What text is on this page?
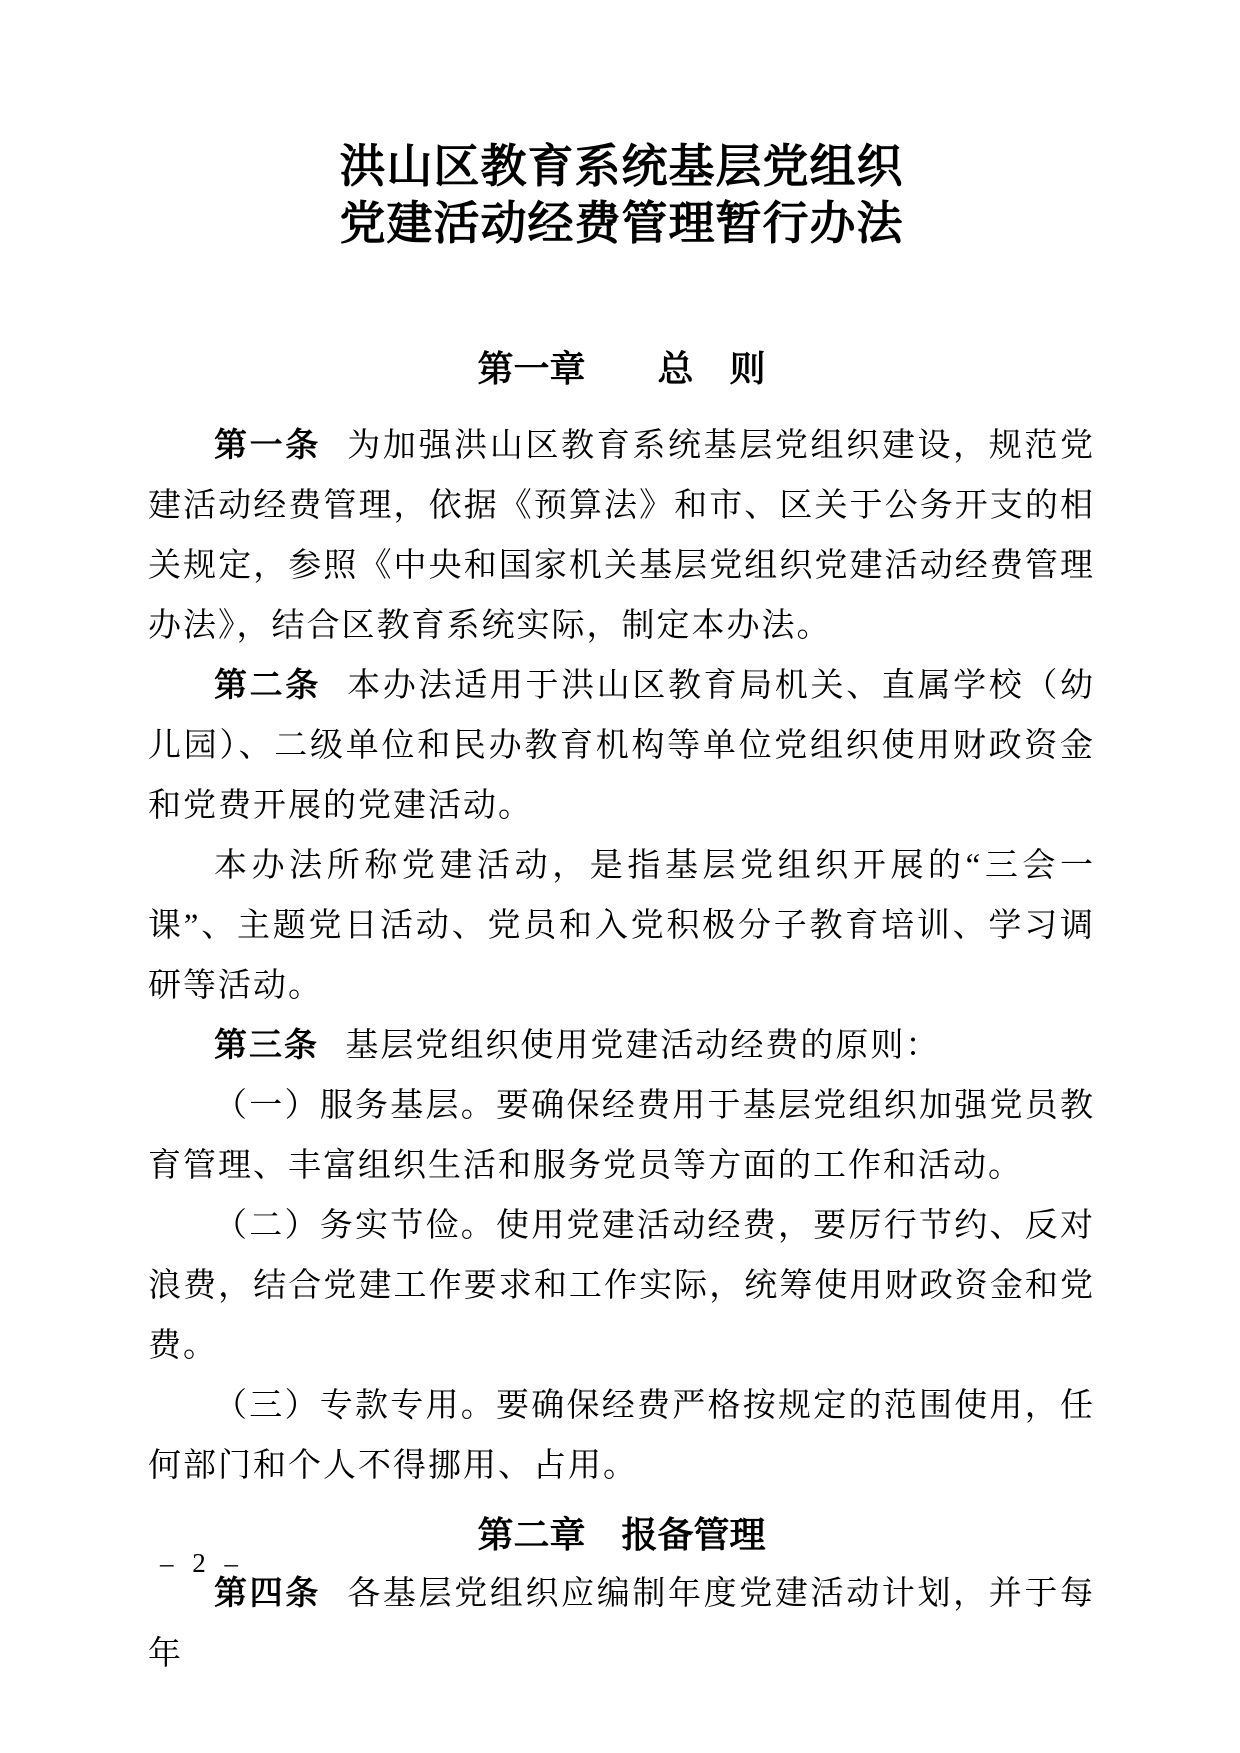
洪山区教育系统基层党组织
党建活动经费管理暂行办法
第一章　　总　则

第一条 为加强洪山区教育系统基层党组织建设，规范党建活动经费管理，依据《预算法》和市、区关于公务开支的相关规定，参照《中央和国家机关基层党组织党建活动经费管理办法》，结合区教育系统实际，制定本办法。

第二条 本办法适用于洪山区教育局机关、直属学校（幼儿园）、二级单位和民办教育机构等单位党组织使用财政资金和党费开展的党建活动。

本办法所称党建活动，是指基层党组织开展的“三会一课”、主题党日活动、党员和入党积极分子教育培训、学习调研等活动。

第三条 基层党组织使用党建活动经费的原则：

（一）服务基层。要确保经费用于基层党组织加强党员教育管理、丰富组织生活和服务党员等方面的工作和活动。

（二）务实节俭。使用党建活动经费，要厉行节约、反对浪费，结合党建工作要求和工作实际，统筹使用财政资金和党费。

（三）专款专用。要确保经费严格按规定的范围使用，任何部门和个人不得挪用、占用。

第二章　报备管理

第四条 各基层党组织应编制年度党建活动计划，并于每年

– 2 –
